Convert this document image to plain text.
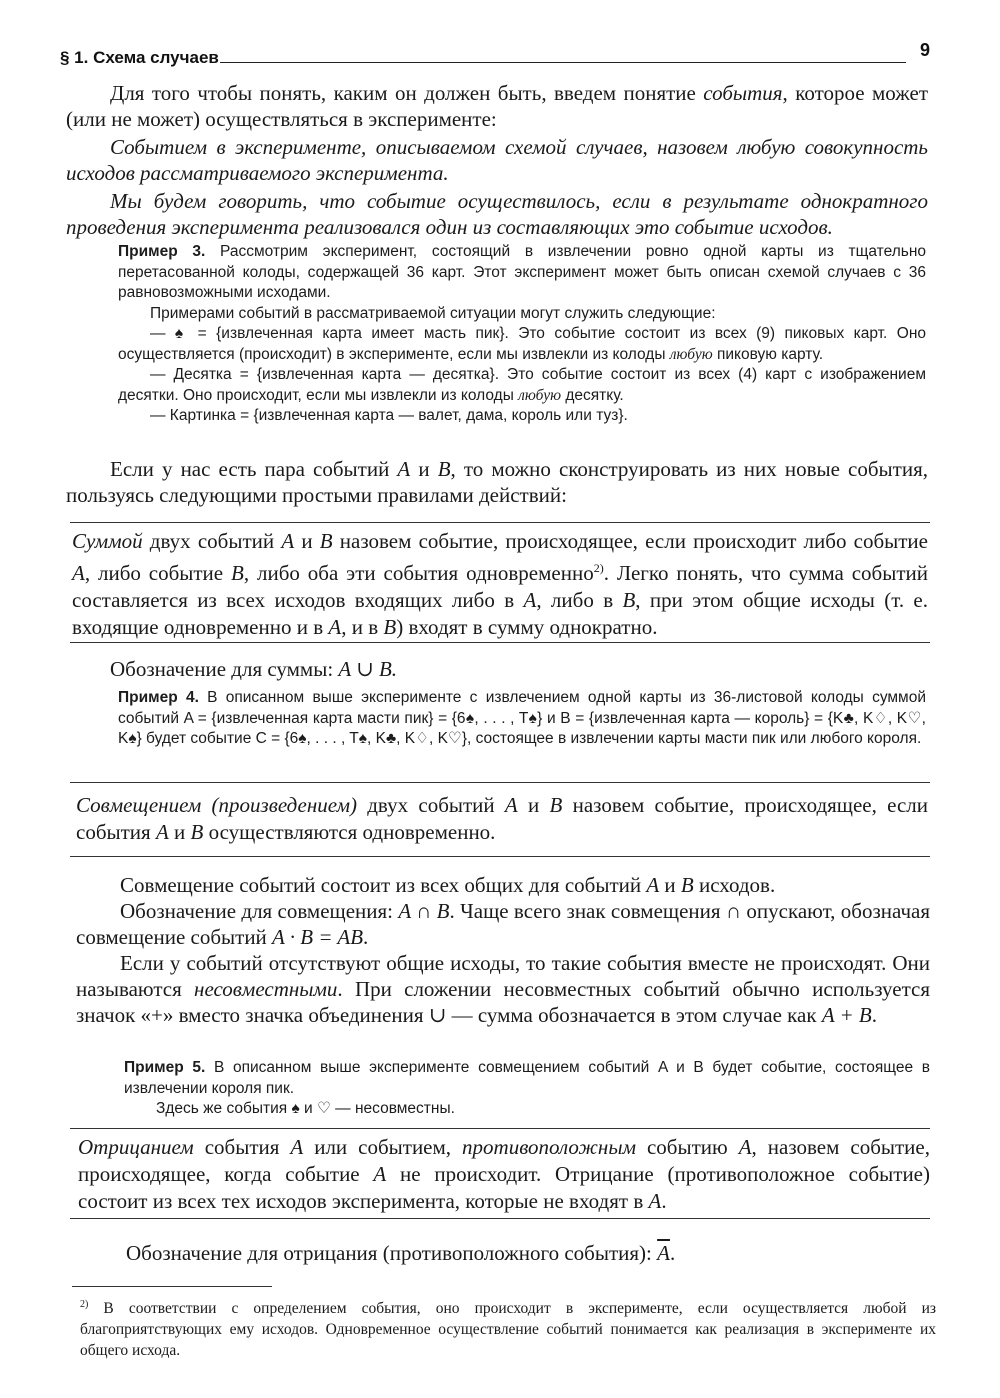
§ 1. Схема случаев	9

Для того чтобы понять, каким он должен быть, введем понятие события, которое может (или не может) осуществляться в эксперименте:

Событием в эксперименте, описываемом схемой случаев, назовем любую совокупность исходов рассматриваемого эксперимента.

Мы будем говорить, что событие осуществилось, если в результате однократного проведения эксперимента реализовался один из составляющих это событие исходов.

Пример 3. Рассмотрим эксперимент, состоящий в извлечении ровно одной карты из тщательно перетасованной колоды, содержащей 36 карт. Этот эксперимент может быть описан схемой случаев с 36 равновозможными исходами.

Примерами событий в рассматриваемой ситуации могут служить следующие:

— ♠ = {извлеченная карта имеет масть пик}. Это событие состоит из всех (9) пиковых карт. Оно осуществляется (происходит) в эксперименте, если мы извлекли из колоды любую пиковую карту.

— Десятка = {извлеченная карта — десятка}. Это событие состоит из всех (4) карт с изображением десятки. Оно происходит, если мы извлекли из колоды любую десятку.

— Картинка = {извлеченная карта — валет, дама, король или туз}.

Если у нас есть пара событий A и B, то можно сконструировать из них новые события, пользуясь следующими простыми правилами действий:

Суммой двух событий A и B назовем событие, происходящее, если происходит либо событие A, либо событие B, либо оба эти события одновременно$^{2)}$. Легко понять, что сумма событий составляется из всех исходов входящих либо в A, либо в B, при этом общие исходы (т. е. входящие одновременно и в A, и в B) входят в сумму однократно.

Обозначение для суммы: A ∪ B.

Пример 4. В описанном выше эксперименте с извлечением одной карты из 36-листовой колоды суммой событий A = {извлеченная карта масти пик} = {6♠, . . . , T♠} и B = {извлеченная карта — король} = {K♣, K♢, K♡, K♠} будет событие C = {6♠, . . . , T♠, K♣, K♢, K♡}, состоящее в извлечении карты масти пик или любого короля.

Совмещением (произведением) двух событий A и B назовем событие, происходящее, если события A и B осуществляются одновременно.

Совмещение событий состоит из всех общих для событий A и B исходов.

Обозначение для совмещения: A ∩ B. Чаще всего знак совмещения ∩ опускают, обозначая совмещение событий A · B = AB.

Если у событий отсутствуют общие исходы, то такие события вместе не происходят. Они называются несовместными. При сложении несовместных событий обычно используется значок «+» вместо значка объединения ∪ — сумма обозначается в этом случае как A + B.

Пример 5. В описанном выше эксперименте совмещением событий A и B будет событие, состоящее в извлечении короля пик.

Здесь же события ♠ и ♡ — несовместны.

Отрицанием события A или событием, противоположным событию A, назовем событие, происходящее, когда событие A не происходит. Отрицание (противоположное событие) состоит из всех тех исходов эксперимента, которые не входят в A.

Обозначение для отрицания (противоположного события): $\overline{A}$.

$^{2)}$ В соответствии с определением события, оно происходит в эксперименте, если осуществляется любой из благоприятствующих ему исходов. Одновременное осуществление событий понимается как реализация в эксперименте их общего исхода.
